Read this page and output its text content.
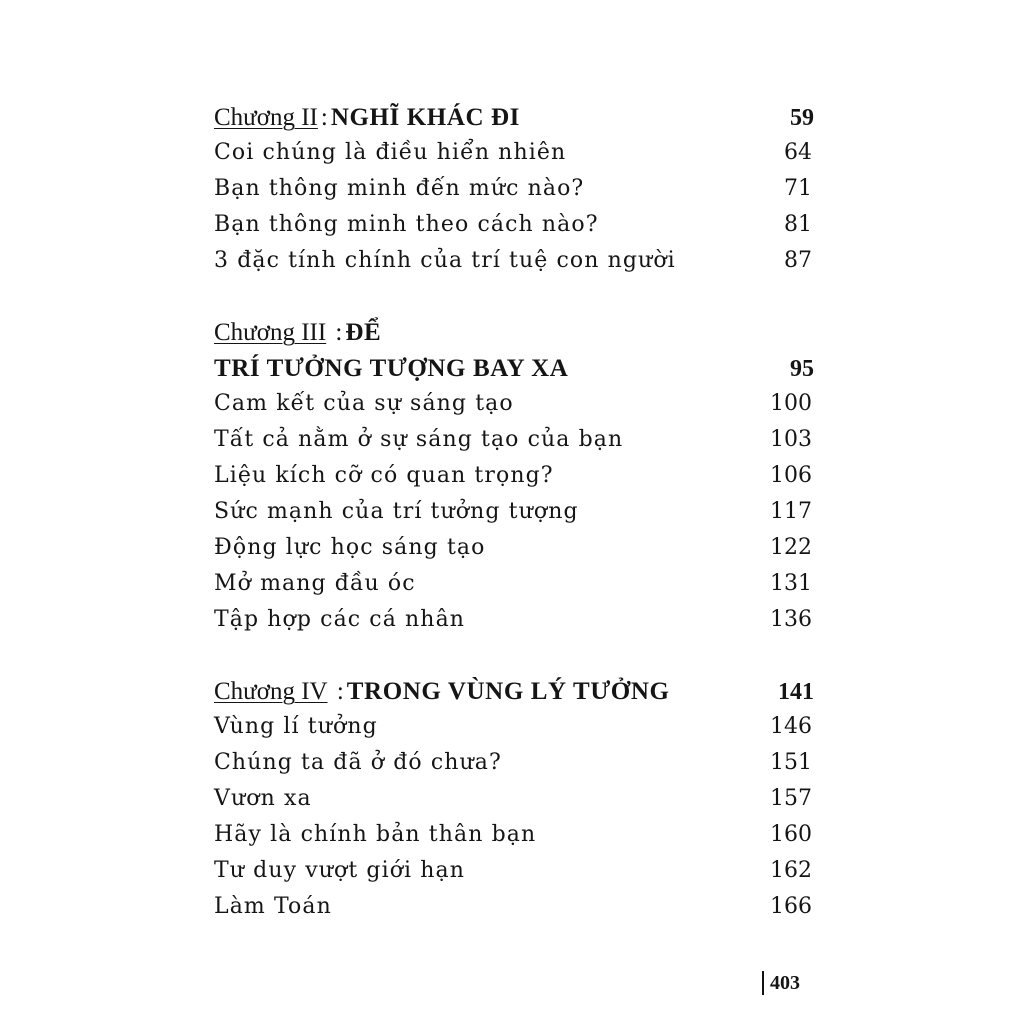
Chương II : NGHĨ KHÁC ĐI	59
Coi chúng là điều hiển nhiên	64
Bạn thông minh đến mức nào?	71
Bạn thông minh theo cách nào?	81
3 đặc tính chính của trí tuệ con người	87
Chương III : ĐỂ
TRÍ TƯỞNG TƯỢNG BAY XA	95
Cam kết của sự sáng tạo	100
Tất cả nằm ở sự sáng tạo của bạn	103
Liệu kích cỡ có quan trọng?	106
Sức mạnh của trí tưởng tượng	117
Động lực học sáng tạo	122
Mở mang đầu óc	131
Tập hợp các cá nhân	136
Chương IV : TRONG VÙNG LÝ TƯỞNG	141
Vùng lí tưởng	146
Chúng ta đã ở đó chưa?	151
Vươn xa	157
Hãy là chính bản thân bạn	160
Tư duy vượt giới hạn	162
Làm Toán	166
403
